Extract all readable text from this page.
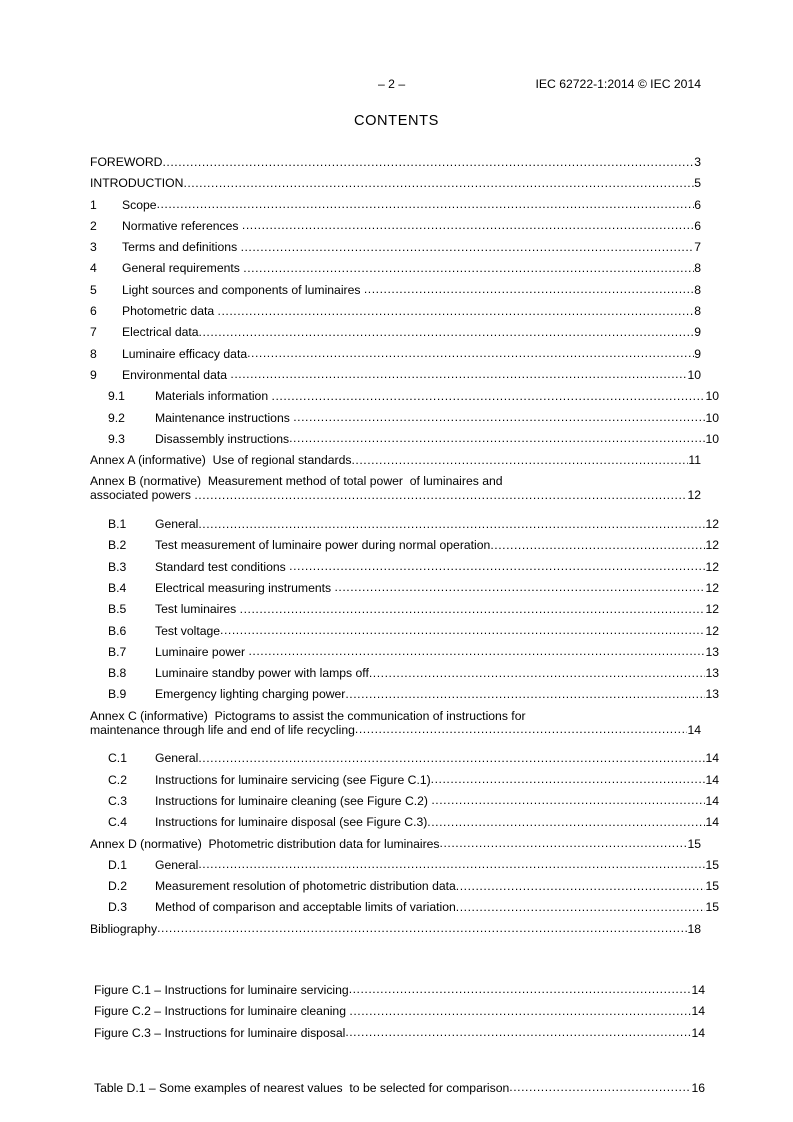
– 2 –	IEC 62722-1:2014 © IEC 2014
CONTENTS
FOREWORD .....	3
INTRODUCTION .....	5
1	Scope .....	6
2	Normative references .....	6
3	Terms and definitions .....	7
4	General requirements .....	8
5	Light sources and components of luminaires .....	8
6	Photometric data .....	8
7	Electrical data .....	9
8	Luminaire efficacy data .....	9
9	Environmental data .....	10
9.1	Materials information .....	10
9.2	Maintenance instructions .....	10
9.3	Disassembly instructions .....	10
Annex A (informative)  Use of regional standards .....	11
Annex B (normative)  Measurement method of total power  of luminaires and
associated powers .....	12
B.1	General .....	12
B.2	Test measurement of luminaire power during normal operation .....	12
B.3	Standard test conditions .....	12
B.4	Electrical measuring instruments .....	12
B.5	Test luminaires .....	12
B.6	Test voltage .....	12
B.7	Luminaire power .....	13
B.8	Luminaire standby power with lamps off .....	13
B.9	Emergency lighting charging power .....	13
Annex C (informative)  Pictograms to assist the communication of instructions for
maintenance through life and end of life recycling .....	14
C.1	General .....	14
C.2	Instructions for luminaire servicing (see Figure C.1) .....	14
C.3	Instructions for luminaire cleaning (see Figure C.2) .....	14
C.4	Instructions for luminaire disposal (see Figure C.3) .....	14
Annex D (normative)  Photometric distribution data for luminaires .....	15
D.1	General .....	15
D.2	Measurement resolution of photometric distribution data .....	15
D.3	Method of comparison and acceptable limits of variation .....	15
Bibliography .....	18
Figure C.1 – Instructions for luminaire servicing .....	14
Figure C.2 – Instructions for luminaire cleaning .....	14
Figure C.3 – Instructions for luminaire disposal .....	14
Table D.1 – Some examples of nearest values  to be selected for comparison .....	16
